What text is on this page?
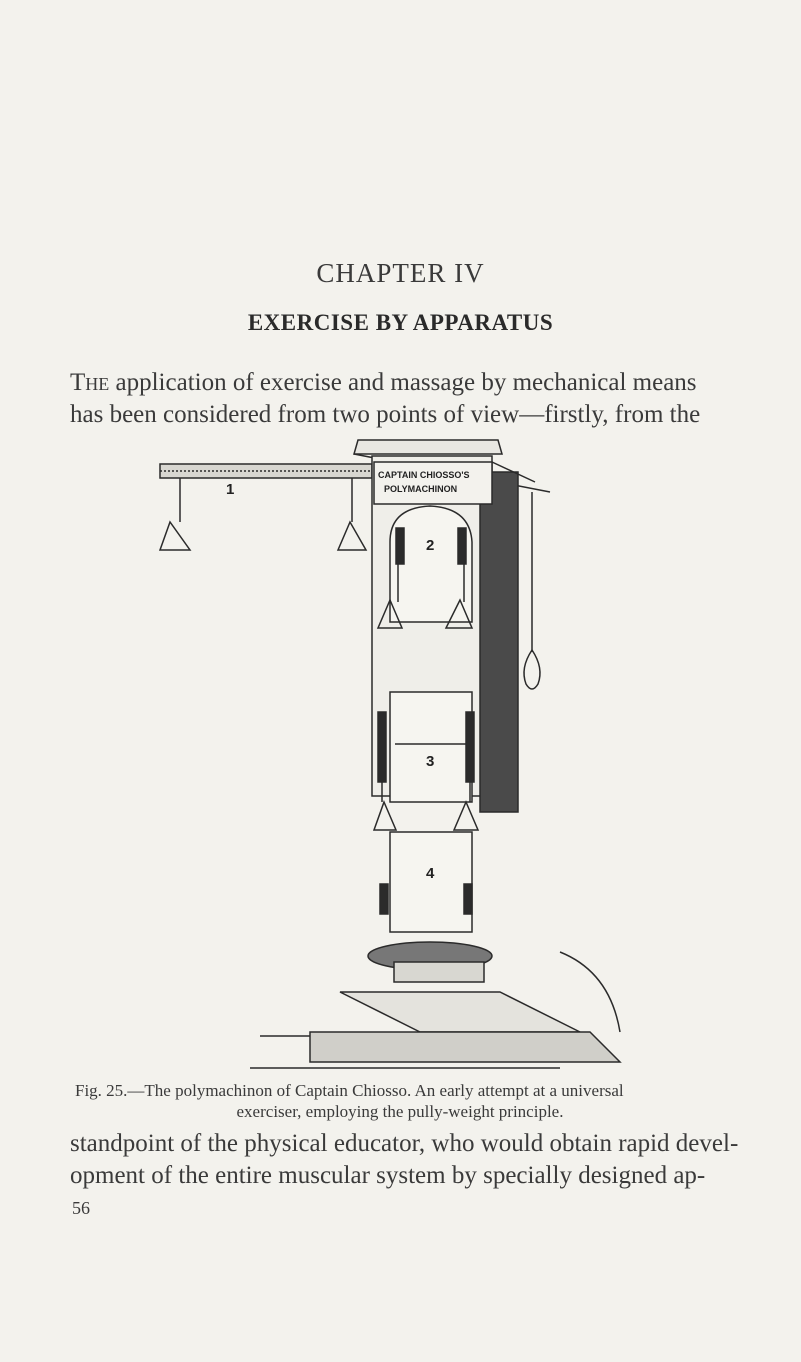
CHAPTER IV
EXERCISE BY APPARATUS
The application of exercise and massage by mechanical means
has been considered from two points of view—firstly, from the
CAPTAIN CHIOSSO'S
POLYMACHINON
1
2
3
4
Fig. 25.—The polymachinon of Captain Chiosso. An early attempt at a universal
exerciser, employing the pully-weight principle.
standpoint of the physical educator, who would obtain rapid devel-
opment of the entire muscular system by specially designed ap-
56
